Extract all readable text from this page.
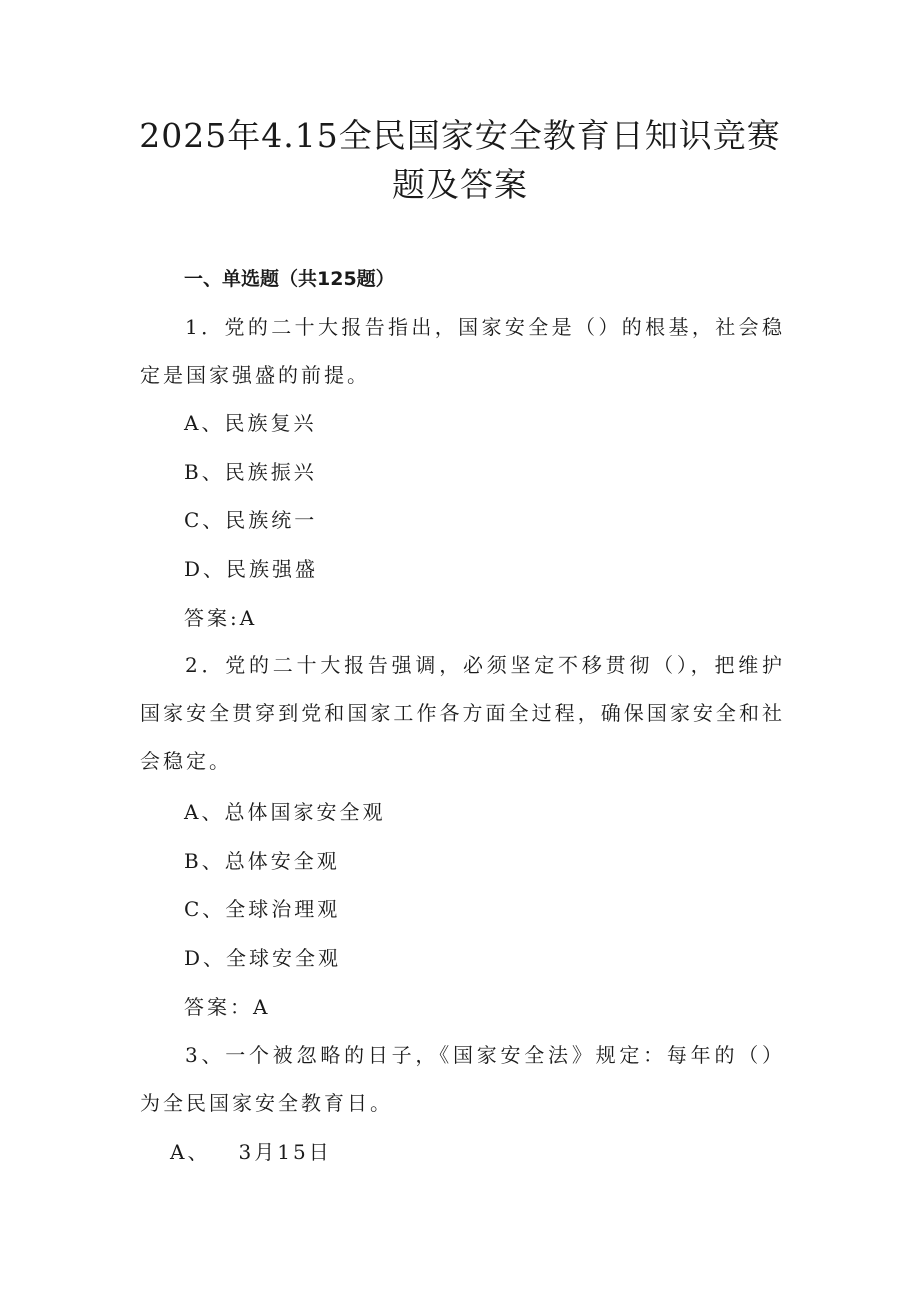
2025年4.15全民国家安全教育日知识竞赛
题及答案
一、单选题（共125题）
1．党的二十大报告指出，国家安全是（）的根基，社会稳定是国家强盛的前提。
A、民族复兴
B、民族振兴
C、民族统一
D、民族强盛
答案:A
2．党的二十大报告强调，必须坚定不移贯彻（），把维护国家安全贯穿到党和国家工作各方面全过程，确保国家安全和社会稳定。
A、总体国家安全观
B、总体安全观
C、全球治理观
D、全球安全观
答案：A
3、一个被忽略的日子，《国家安全法》规定：每年的（）为全民国家安全教育日。
A、   3月15日
